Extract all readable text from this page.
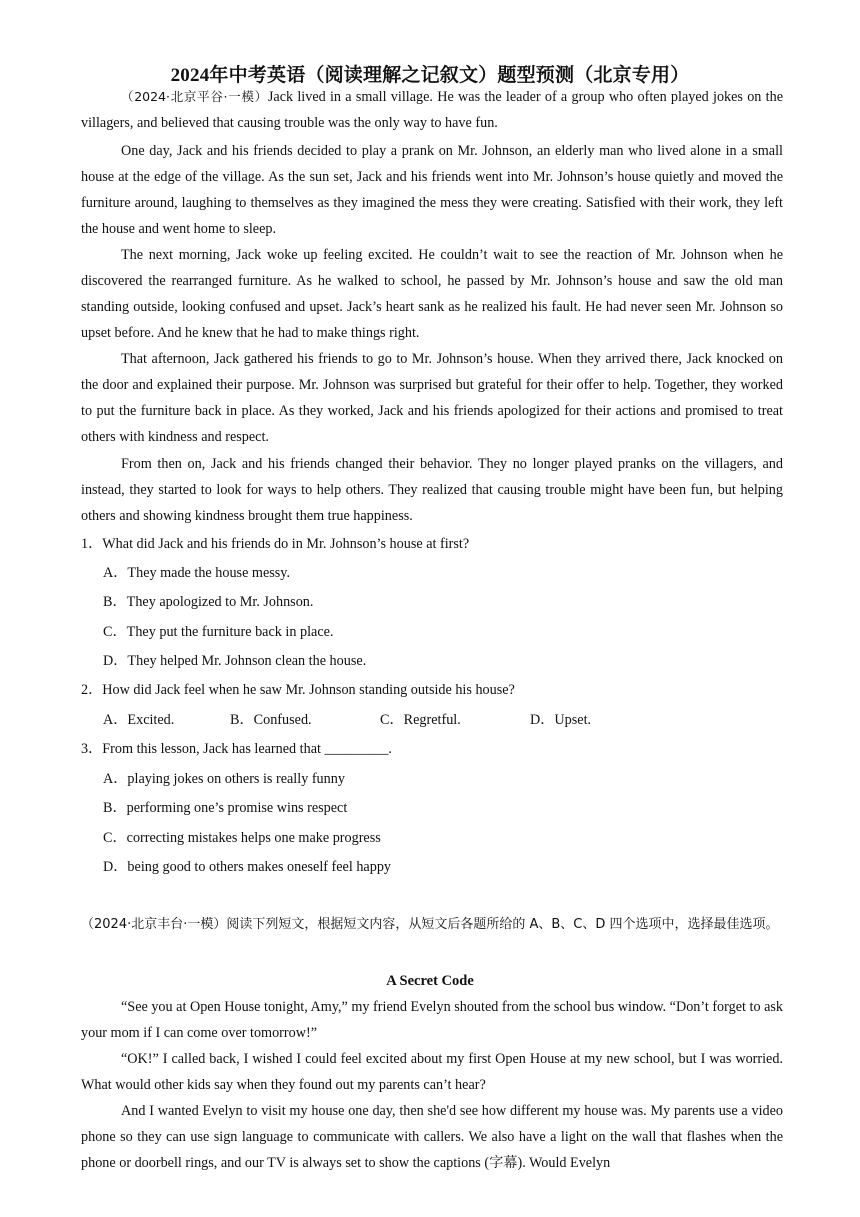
2024年中考英语（阅读理解之记叙文）题型预测（北京专用）

（2024·北京平谷·一模）Jack lived in a small village. He was the leader of a group who often played jokes on the villagers, and believed that causing trouble was the only way to have fun.

One day, Jack and his friends decided to play a prank on Mr. Johnson, an elderly man who lived alone in a small house at the edge of the village. As the sun set, Jack and his friends went into Mr. Johnson’s house quietly and moved the furniture around, laughing to themselves as they imagined the mess they were creating. Satisfied with their work, they left the house and went home to sleep.

The next morning, Jack woke up feeling excited. He couldn’t wait to see the reaction of Mr. Johnson when he discovered the rearranged furniture. As he walked to school, he passed by Mr. Johnson’s house and saw the old man standing outside, looking confused and upset. Jack’s heart sank as he realized his fault. He had never seen Mr. Johnson so upset before. And he knew that he had to make things right.

That afternoon, Jack gathered his friends to go to Mr. Johnson’s house. When they arrived there, Jack knocked on the door and explained their purpose. Mr. Johnson was surprised but grateful for their offer to help. Together, they worked to put the furniture back in place. As they worked, Jack and his friends apologized for their actions and promised to treat others with kindness and respect.

From then on, Jack and his friends changed their behavior. They no longer played pranks on the villagers, and instead, they started to look for ways to help others. They realized that causing trouble might have been fun, but helping others and showing kindness brought them true happiness.

1．What did Jack and his friends do in Mr. Johnson’s house at first?
A．They made the house messy.
B．They apologized to Mr. Johnson.
C．They put the furniture back in place.
D．They helped Mr. Johnson clean the house.
2．How did Jack feel when he saw Mr. Johnson standing outside his house?
A．Excited.	B．Confused.	C．Regretful.	D．Upset.
3．From this lesson, Jack has learned that _________.
A．playing jokes on others is really funny
B．performing one’s promise wins respect
C．correcting mistakes helps one make progress
D．being good to others makes oneself feel happy

（2024·北京丰台·一模）阅读下列短文，根据短文内容，从短文后各题所给的 A、B、C、D 四个选项中，选择最佳选项。

A Secret Code

“See you at Open House tonight, Amy,” my friend Evelyn shouted from the school bus window. “Don’t forget to ask your mom if I can come over tomorrow!”

“OK!” I called back, I wished I could feel excited about my first Open House at my new school, but I was worried. What would other kids say when they found out my parents can’t hear?

And I wanted Evelyn to visit my house one day, then she'd see how different my house was. My parents use a video phone so they can use sign language to communicate with callers. We also have a light on the wall that flashes when the phone or doorbell rings, and our TV is always set to show the captions (字幕). Would Evelyn
